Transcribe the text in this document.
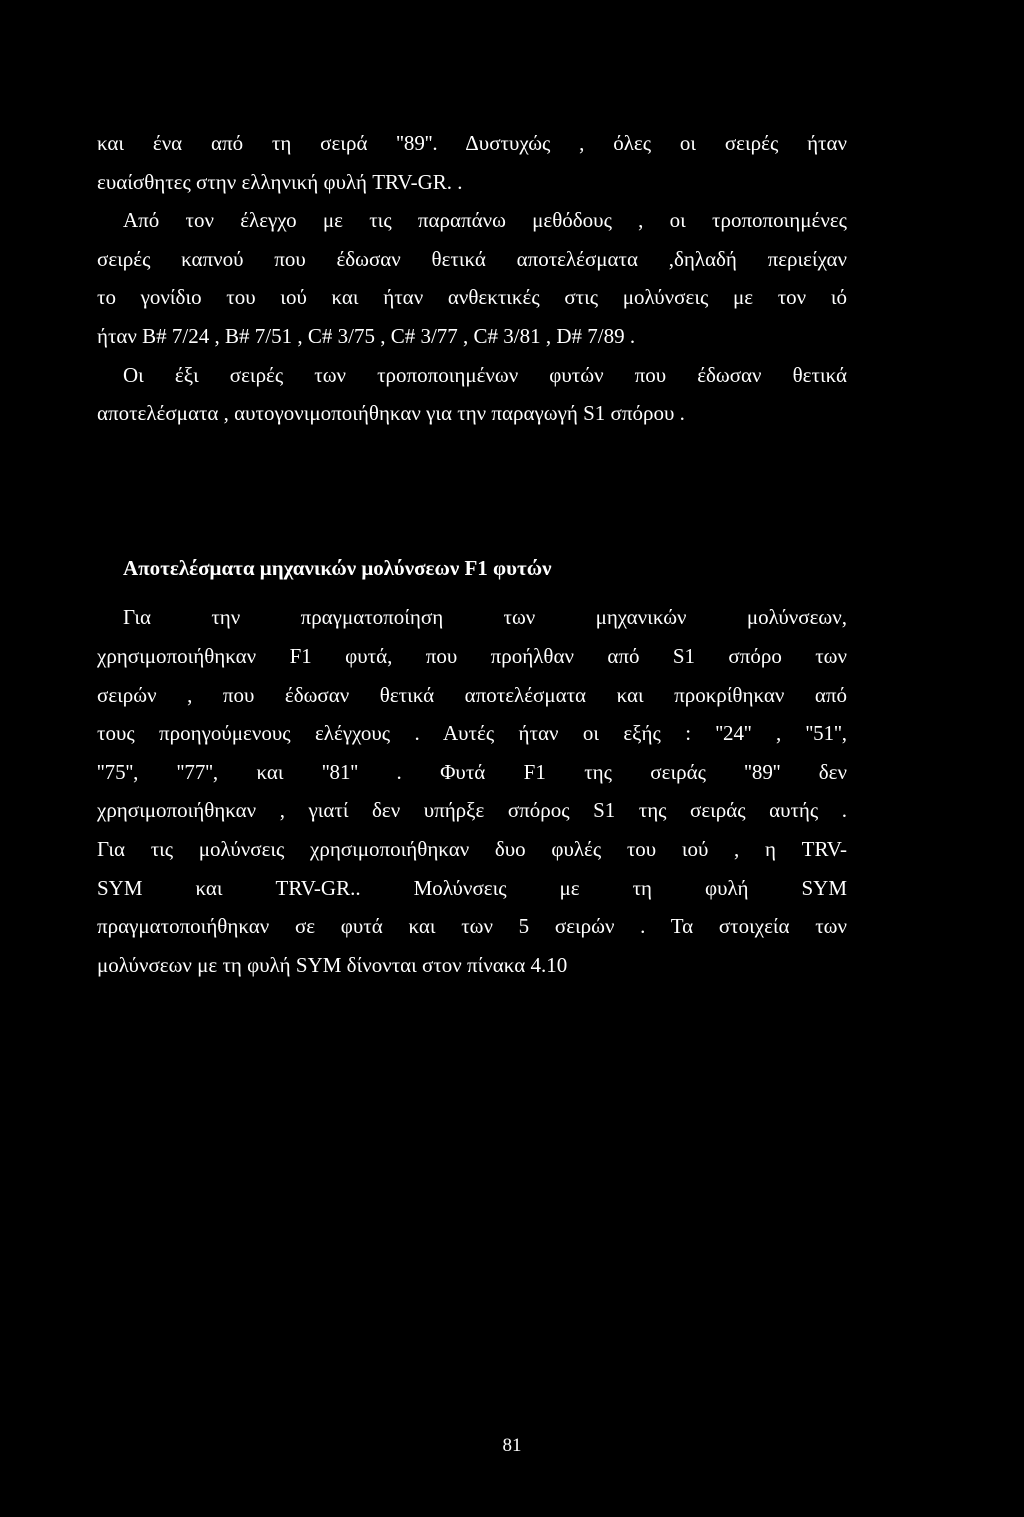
και ένα από τη σειρά ''89''. Δυστυχώς , όλες οι σειρές ήταν

ευαίσθητες στην ελληνική φυλή TRV-GR. .

Από τον έλεγχο με τις παραπάνω μεθόδους , οι τροποποιημένες

σειρές καπνού που έδωσαν θετικά αποτελέσματα ,δηλαδή περιείχαν

το γονίδιο του ιού και ήταν ανθεκτικές στις μολύνσεις με τον ιό

ήταν B# 7/24 , B# 7/51 , C# 3/75 , C# 3/77 , C# 3/81 , D# 7/89 .

Οι έξι σειρές των τροποποιημένων φυτών που έδωσαν θετικά

αποτελέσματα , αυτογονιμοποιήθηκαν για την παραγωγή S1 σπόρου .

Αποτελέσματα μηχανικών μολύνσεων F1 φυτών

Για την πραγματοποίηση των μηχανικών μολύνσεων,

χρησιμοποιήθηκαν F1 φυτά, που προήλθαν από S1 σπόρο των

σειρών , που έδωσαν θετικά αποτελέσματα και προκρίθηκαν από

τους προηγούμενους ελέγχους . Αυτές ήταν οι εξής : ''24'' , ''51'',

''75'', ''77'', και ''81'' . Φυτά F1 της σειράς ''89'' δεν

χρησιμοποιήθηκαν , γιατί δεν υπήρξε σπόρος S1 της σειράς αυτής .

Για τις μολύνσεις χρησιμοποιήθηκαν δυο φυλές του ιού , η TRV-

SYM και TRV-GR.. Μολύνσεις με τη φυλή SYM

πραγματοποιήθηκαν σε φυτά και των 5 σειρών . Τα στοιχεία των

μολύνσεων με τη φυλή SYM δίνονται στον πίνακα 4.10

81
